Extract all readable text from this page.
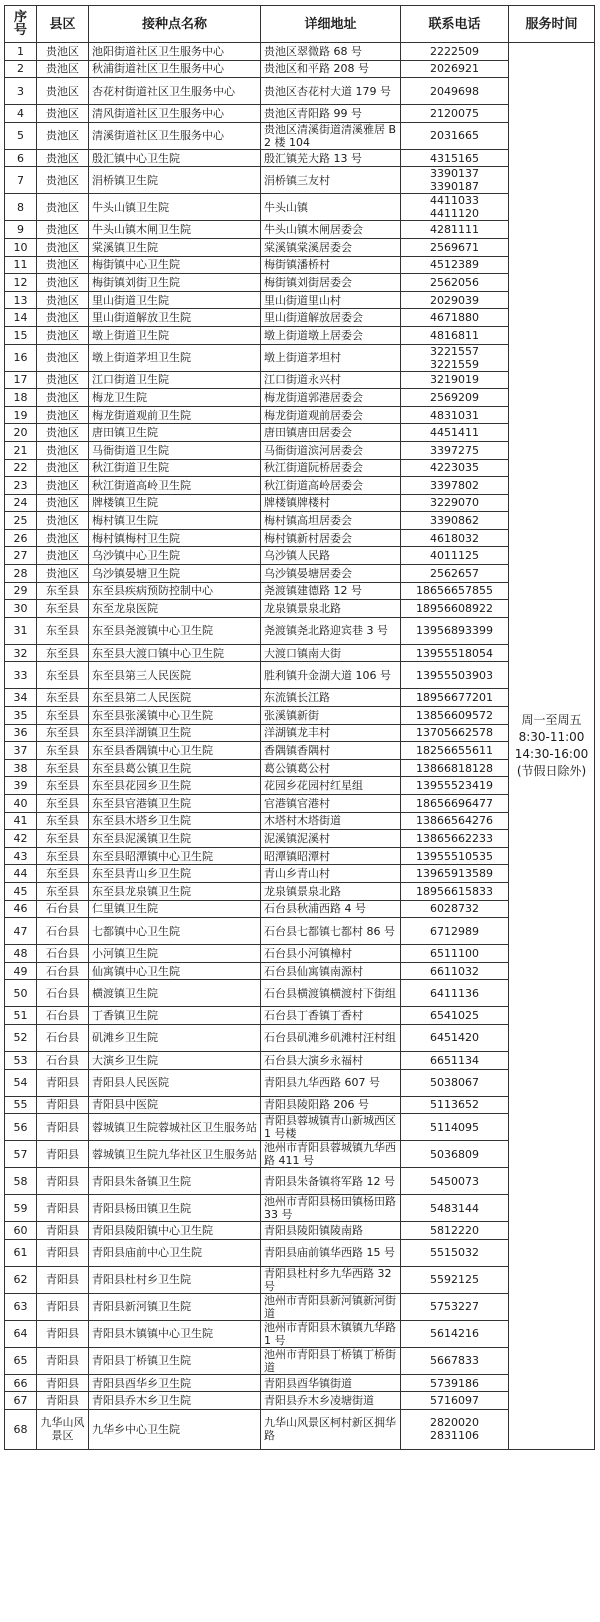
序号	县区	接种点名称	详细地址	联系电话	服务时间
1	贵池区	池阳街道社区卫生服务中心	贵池区翠微路 68 号	2222509	周一至周五
8:30-11:00
14:30-16:00
(节假日除外)

2	贵池区	秋浦街道社区卫生服务中心	贵池区和平路 208 号	2026921	

3	贵池区	杏花村街道社区卫生服务中心	贵池区杏花村大道 179 号	2049698	

4	贵池区	清风街道社区卫生服务中心	贵池区青阳路 99 号	2120075	

5	贵池区	清溪街道社区卫生服务中心	贵池区清溪街道清溪雅居 B2 楼 104	2031665	

6	贵池区	殷汇镇中心卫生院	殷汇镇芜大路 13 号	4315165	

7	贵池区	涓桥镇卫生院	涓桥镇三友村	3390137
3390187	

8	贵池区	牛头山镇卫生院	牛头山镇	4411033
4411120	

9	贵池区	牛头山镇木闸卫生院	牛头山镇木闸居委会	4281111	

10	贵池区	棠溪镇卫生院	棠溪镇棠溪居委会	2569671	

11	贵池区	梅街镇中心卫生院	梅街镇潘桥村	4512389	

12	贵池区	梅街镇刘街卫生院	梅街镇刘街居委会	2562056	

13	贵池区	里山街道卫生院	里山街道里山村	2029039	

14	贵池区	里山街道解放卫生院	里山街道解放居委会	4671880	

15	贵池区	墩上街道卫生院	墩上街道墩上居委会	4816811	

16	贵池区	墩上街道茅坦卫生院	墩上街道茅坦村	3221557
3221559	

17	贵池区	江口街道卫生院	江口街道永兴村	3219019	

18	贵池区	梅龙卫生院	梅龙街道郭港居委会	2569209	

19	贵池区	梅龙街道观前卫生院	梅龙街道观前居委会	4831031	

20	贵池区	唐田镇卫生院	唐田镇唐田居委会	4451411	

21	贵池区	马衙街道卫生院	马衙街道滨河居委会	3397275	

22	贵池区	秋江街道卫生院	秋江街道阮桥居委会	4223035	

23	贵池区	秋江街道高岭卫生院	秋江街道高岭居委会	3397802	

24	贵池区	牌楼镇卫生院	牌楼镇牌楼村	3229070	

25	贵池区	梅村镇卫生院	梅村镇高坦居委会	3390862	

26	贵池区	梅村镇梅村卫生院	梅村镇新村居委会	4618032	

27	贵池区	乌沙镇中心卫生院	乌沙镇人民路	4011125	

28	贵池区	乌沙镇晏塘卫生院	乌沙镇晏塘居委会	2562657	

29	东至县	东至县疾病预防控制中心	尧渡镇建德路 12 号	18656657855	

30	东至县	东至龙泉医院	龙泉镇景泉北路	18956608922	

31	东至县	东至县尧渡镇中心卫生院	尧渡镇尧北路迎宾巷 3 号	13956893399	

32	东至县	东至县大渡口镇中心卫生院	大渡口镇南大街	13955518054	

33	东至县	东至县第三人民医院	胜利镇升金湖大道 106 号	13955503903	

34	东至县	东至县第二人民医院	东流镇长江路	18956677201	

35	东至县	东至县张溪镇中心卫生院	张溪镇新街	13856609572	

36	东至县	东至县洋湖镇卫生院	洋湖镇龙丰村	13705662578	

37	东至县	东至县香隅镇中心卫生院	香隅镇香隅村	18256655611	

38	东至县	东至县葛公镇卫生院	葛公镇葛公村	13866818128	

39	东至县	东至县花园乡卫生院	花园乡花园村红星组	13955523419	

40	东至县	东至县官港镇卫生院	官港镇官港村	18656696477	

41	东至县	东至县木塔乡卫生院	木塔村木塔街道	13866564276	

42	东至县	东至县泥溪镇卫生院	泥溪镇泥溪村	13865662233	

43	东至县	东至县昭潭镇中心卫生院	昭潭镇昭潭村	13955510535	

44	东至县	东至县青山乡卫生院	青山乡青山村	13965913589	

45	东至县	东至县龙泉镇卫生院	龙泉镇景泉北路	18956615833	

46	石台县	仁里镇卫生院	石台县秋浦西路 4 号	6028732	

47	石台县	七都镇中心卫生院	石台县七都镇七都村 86 号	6712989	

48	石台县	小河镇卫生院	石台县小河镇樟村	6511100	

49	石台县	仙寓镇中心卫生院	石台县仙寓镇南源村	6611032	

50	石台县	横渡镇卫生院	石台县横渡镇横渡村下街组	6411136	

51	石台县	丁香镇卫生院	石台县丁香镇丁香村	6541025	

52	石台县	矶滩乡卫生院	石台县矶滩乡矶滩村汪村组	6451420	

53	石台县	大演乡卫生院	石台县大演乡永福村	6651134	

54	青阳县	青阳县人民医院	青阳县九华西路 607 号	5038067	

55	青阳县	青阳县中医院	青阳县陵阳路 206 号	5113652	

56	青阳县	蓉城镇卫生院蓉城社区卫生服务站	青阳县蓉城镇青山新城西区 1 号楼	5114095	

57	青阳县	蓉城镇卫生院九华社区卫生服务站	池州市青阳县蓉城镇九华西路 411 号	5036809	

58	青阳县	青阳县朱备镇卫生院	青阳县朱备镇将军路 12 号	5450073	

59	青阳县	青阳县杨田镇卫生院	池州市青阳县杨田镇杨田路 33 号	5483144	

60	青阳县	青阳县陵阳镇中心卫生院	青阳县陵阳镇陵南路	5812220	

61	青阳县	青阳县庙前中心卫生院	青阳县庙前镇华西路 15 号	5515032	

62	青阳县	青阳县杜村乡卫生院	青阳县杜村乡九华西路 32 号	5592125	

63	青阳县	青阳县新河镇卫生院	池州市青阳县新河镇新河街道	5753227	

64	青阳县	青阳县木镇镇中心卫生院	池州市青阳县木镇镇九华路 1 号	5614216	

65	青阳县	青阳县丁桥镇卫生院	池州市青阳县丁桥镇丁桥街道	5667833	

66	青阳县	青阳县酉华乡卫生院	青阳县酉华镇街道	5739186	

67	青阳县	青阳县乔木乡卫生院	青阳县乔木乡凌塘街道	5716097	

68	九华山风景区	九华乡中心卫生院	九华山风景区柯村新区拥华路	2820020
2831106	
